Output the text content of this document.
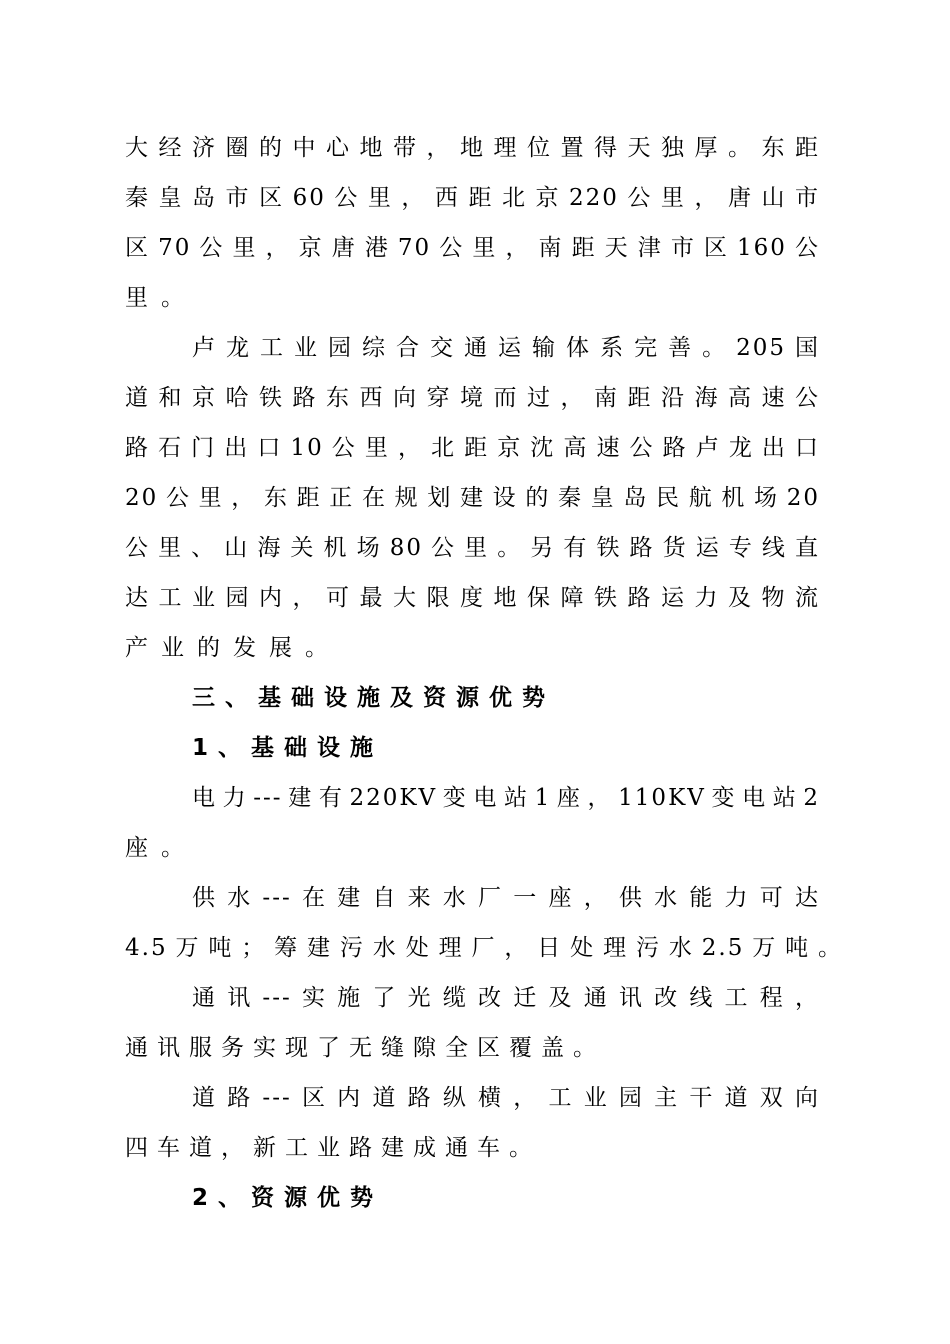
大经济圈的中心地带，地理位置得天独厚。东距
秦皇岛市区60公里，西距北京220公里，唐山市
区70公里，京唐港70公里，南距天津市区160公
里。
卢龙工业园综合交通运输体系完善。205国
道和京哈铁路东西向穿境而过，南距沿海高速公
路石门出口10公里，北距京沈高速公路卢龙出口
20公里，东距正在规划建设的秦皇岛民航机场20
公里、山海关机场80公里。另有铁路货运专线直
达工业园内，可最大限度地保障铁路运力及物流
产业的发展。
三、基础设施及资源优势
1、基础设施
电力---建有220KV变电站1座，110KV变电站2
座。
供水---在建自来水厂一座，供水能力可达
4.5万吨；筹建污水处理厂，日处理污水2.5万吨。
通讯---实施了光缆改迁及通讯改线工程，
通讯服务实现了无缝隙全区覆盖。
道路---区内道路纵横，工业园主干道双向
四车道，新工业路建成通车。
2、资源优势
